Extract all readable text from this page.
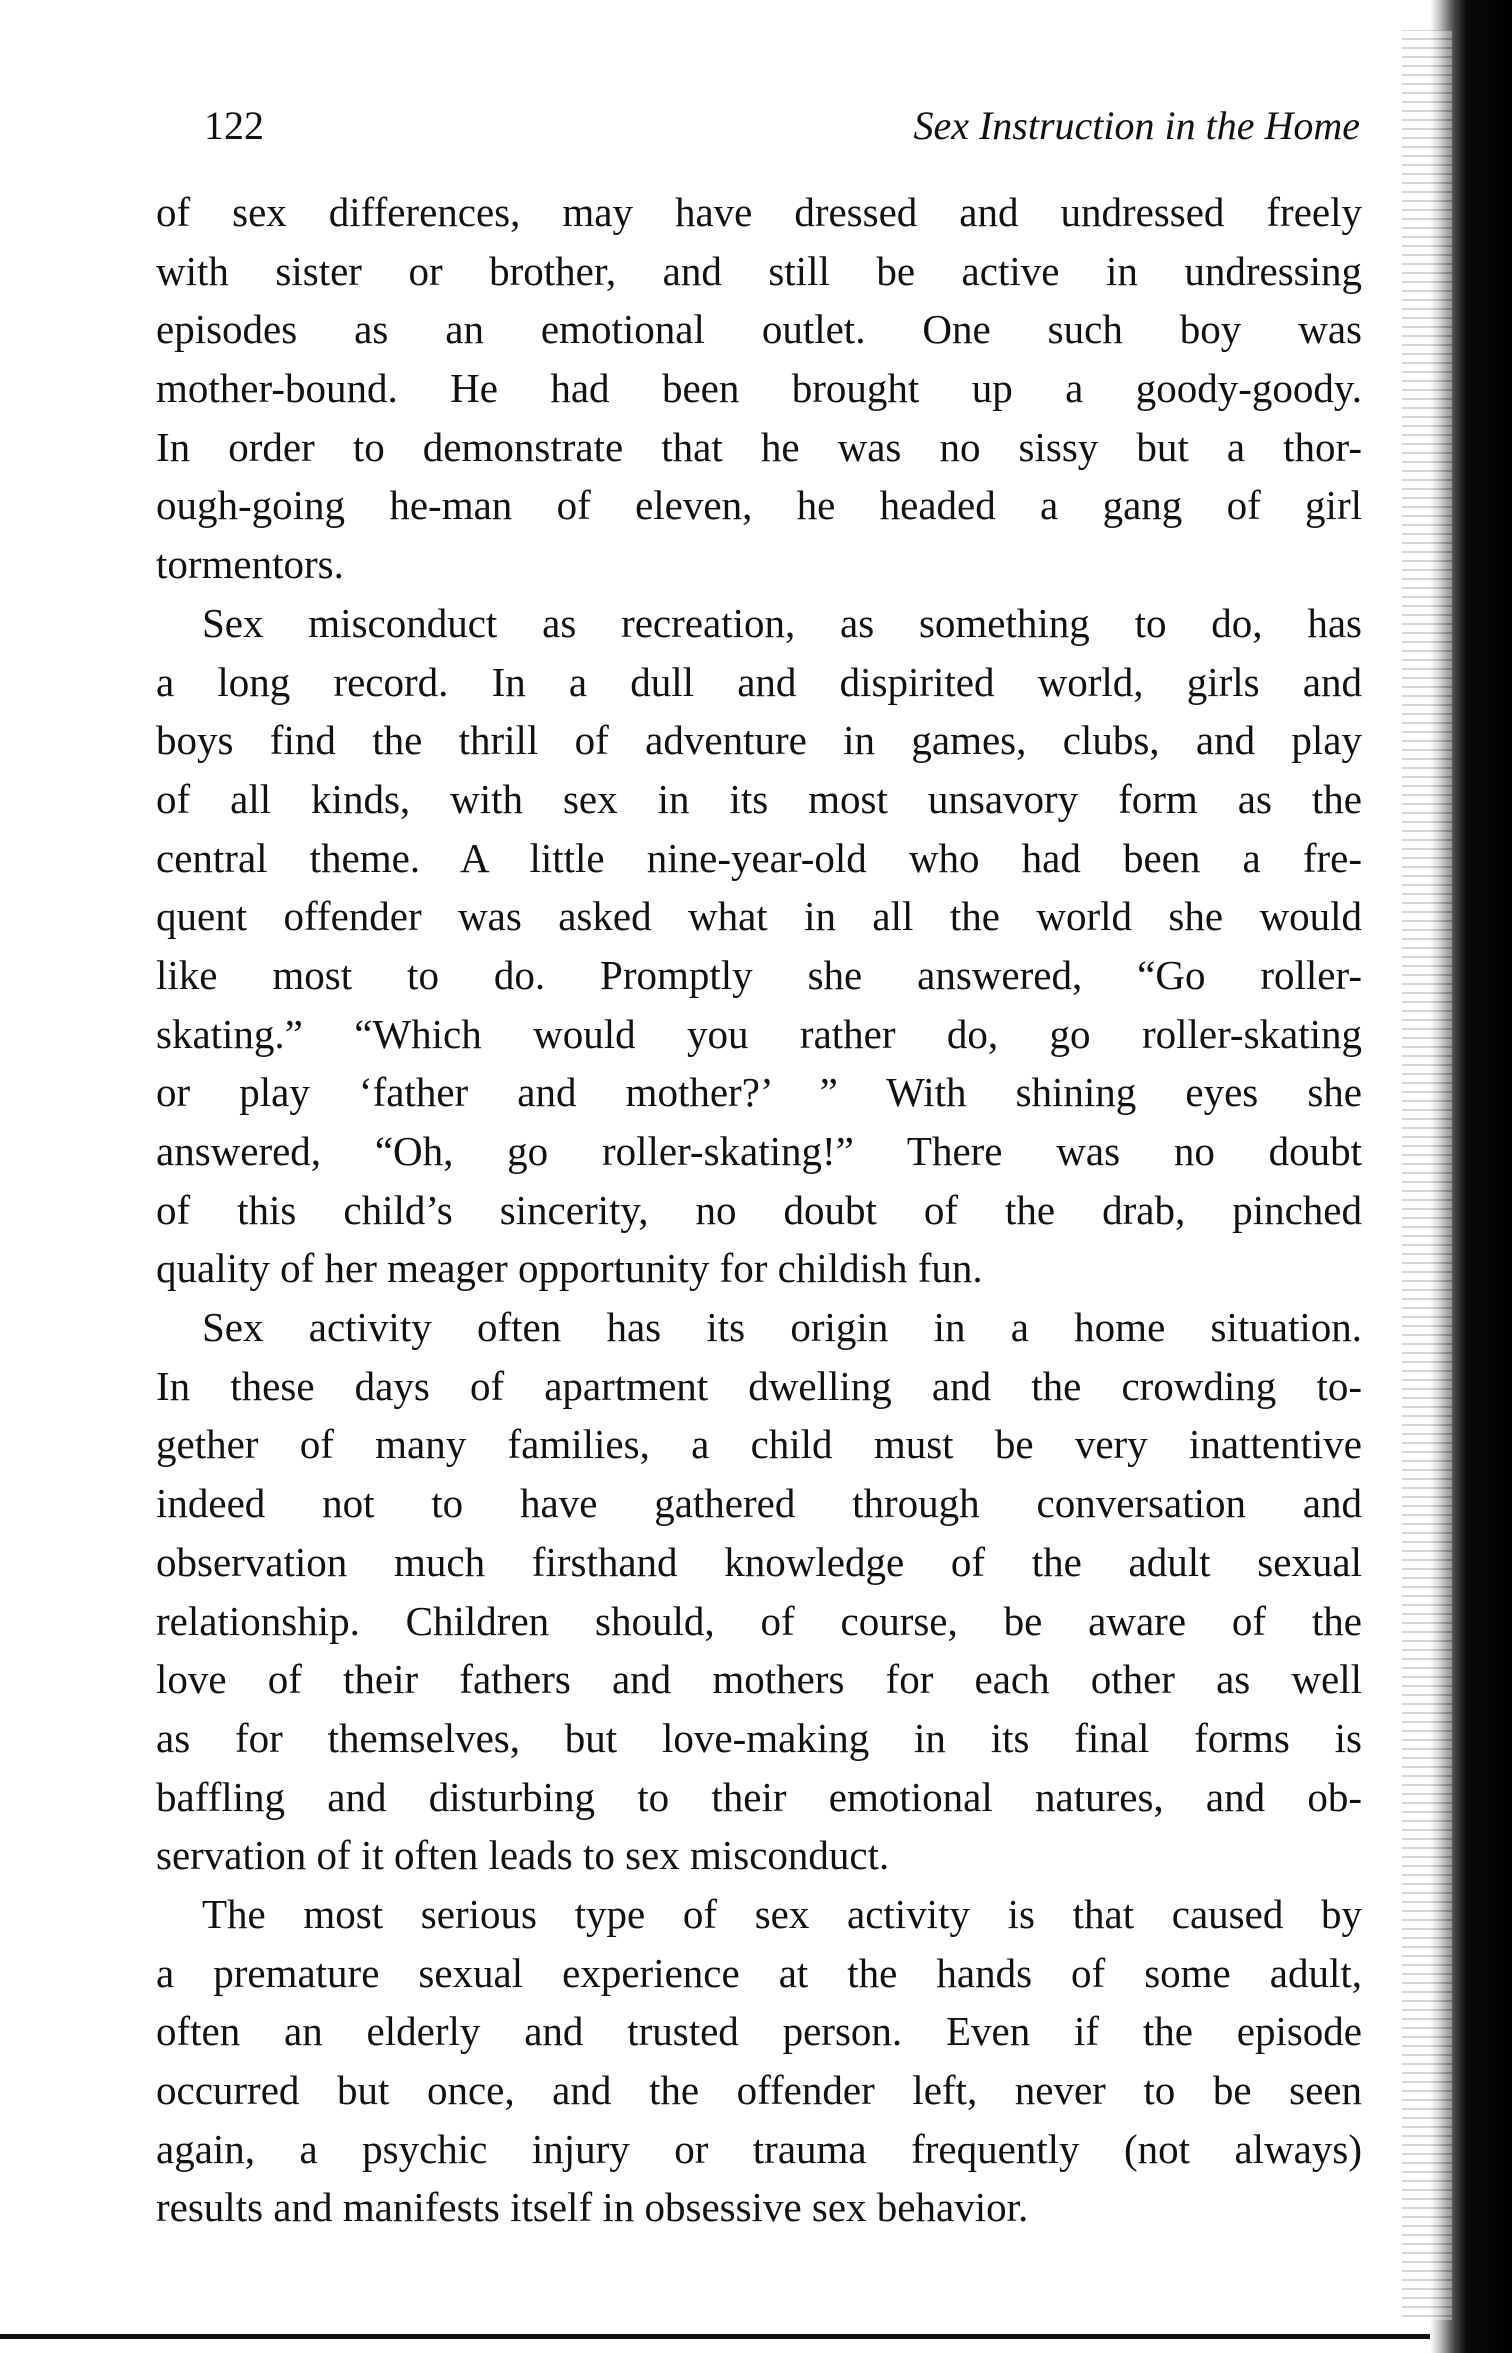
122	Sex Instruction in the Home
of sex differences, may have dressed and undressed freely
with sister or brother, and still be active in undressing
episodes as an emotional outlet. One such boy was
mother-bound. He had been brought up a goody-goody.
In order to demonstrate that he was no sissy but a thor-
ough-going he-man of eleven, he headed a gang of girl
tormentors.
Sex misconduct as recreation, as something to do, has
a long record. In a dull and dispirited world, girls and
boys find the thrill of adventure in games, clubs, and play
of all kinds, with sex in its most unsavory form as the
central theme. A little nine-year-old who had been a fre-
quent offender was asked what in all the world she would
like most to do. Promptly she answered, “Go roller-
skating.” “Which would you rather do, go roller-skating
or play ‘father and mother?’ ” With shining eyes she
answered, “Oh, go roller-skating!” There was no doubt
of this child’s sincerity, no doubt of the drab, pinched
quality of her meager opportunity for childish fun.
Sex activity often has its origin in a home situation.
In these days of apartment dwelling and the crowding to-
gether of many families, a child must be very inattentive
indeed not to have gathered through conversation and
observation much firsthand knowledge of the adult sexual
relationship. Children should, of course, be aware of the
love of their fathers and mothers for each other as well
as for themselves, but love-making in its final forms is
baffling and disturbing to their emotional natures, and ob-
servation of it often leads to sex misconduct.
The most serious type of sex activity is that caused by
a premature sexual experience at the hands of some adult,
often an elderly and trusted person. Even if the episode
occurred but once, and the offender left, never to be seen
again, a psychic injury or trauma frequently (not always)
results and manifests itself in obsessive sex behavior.
